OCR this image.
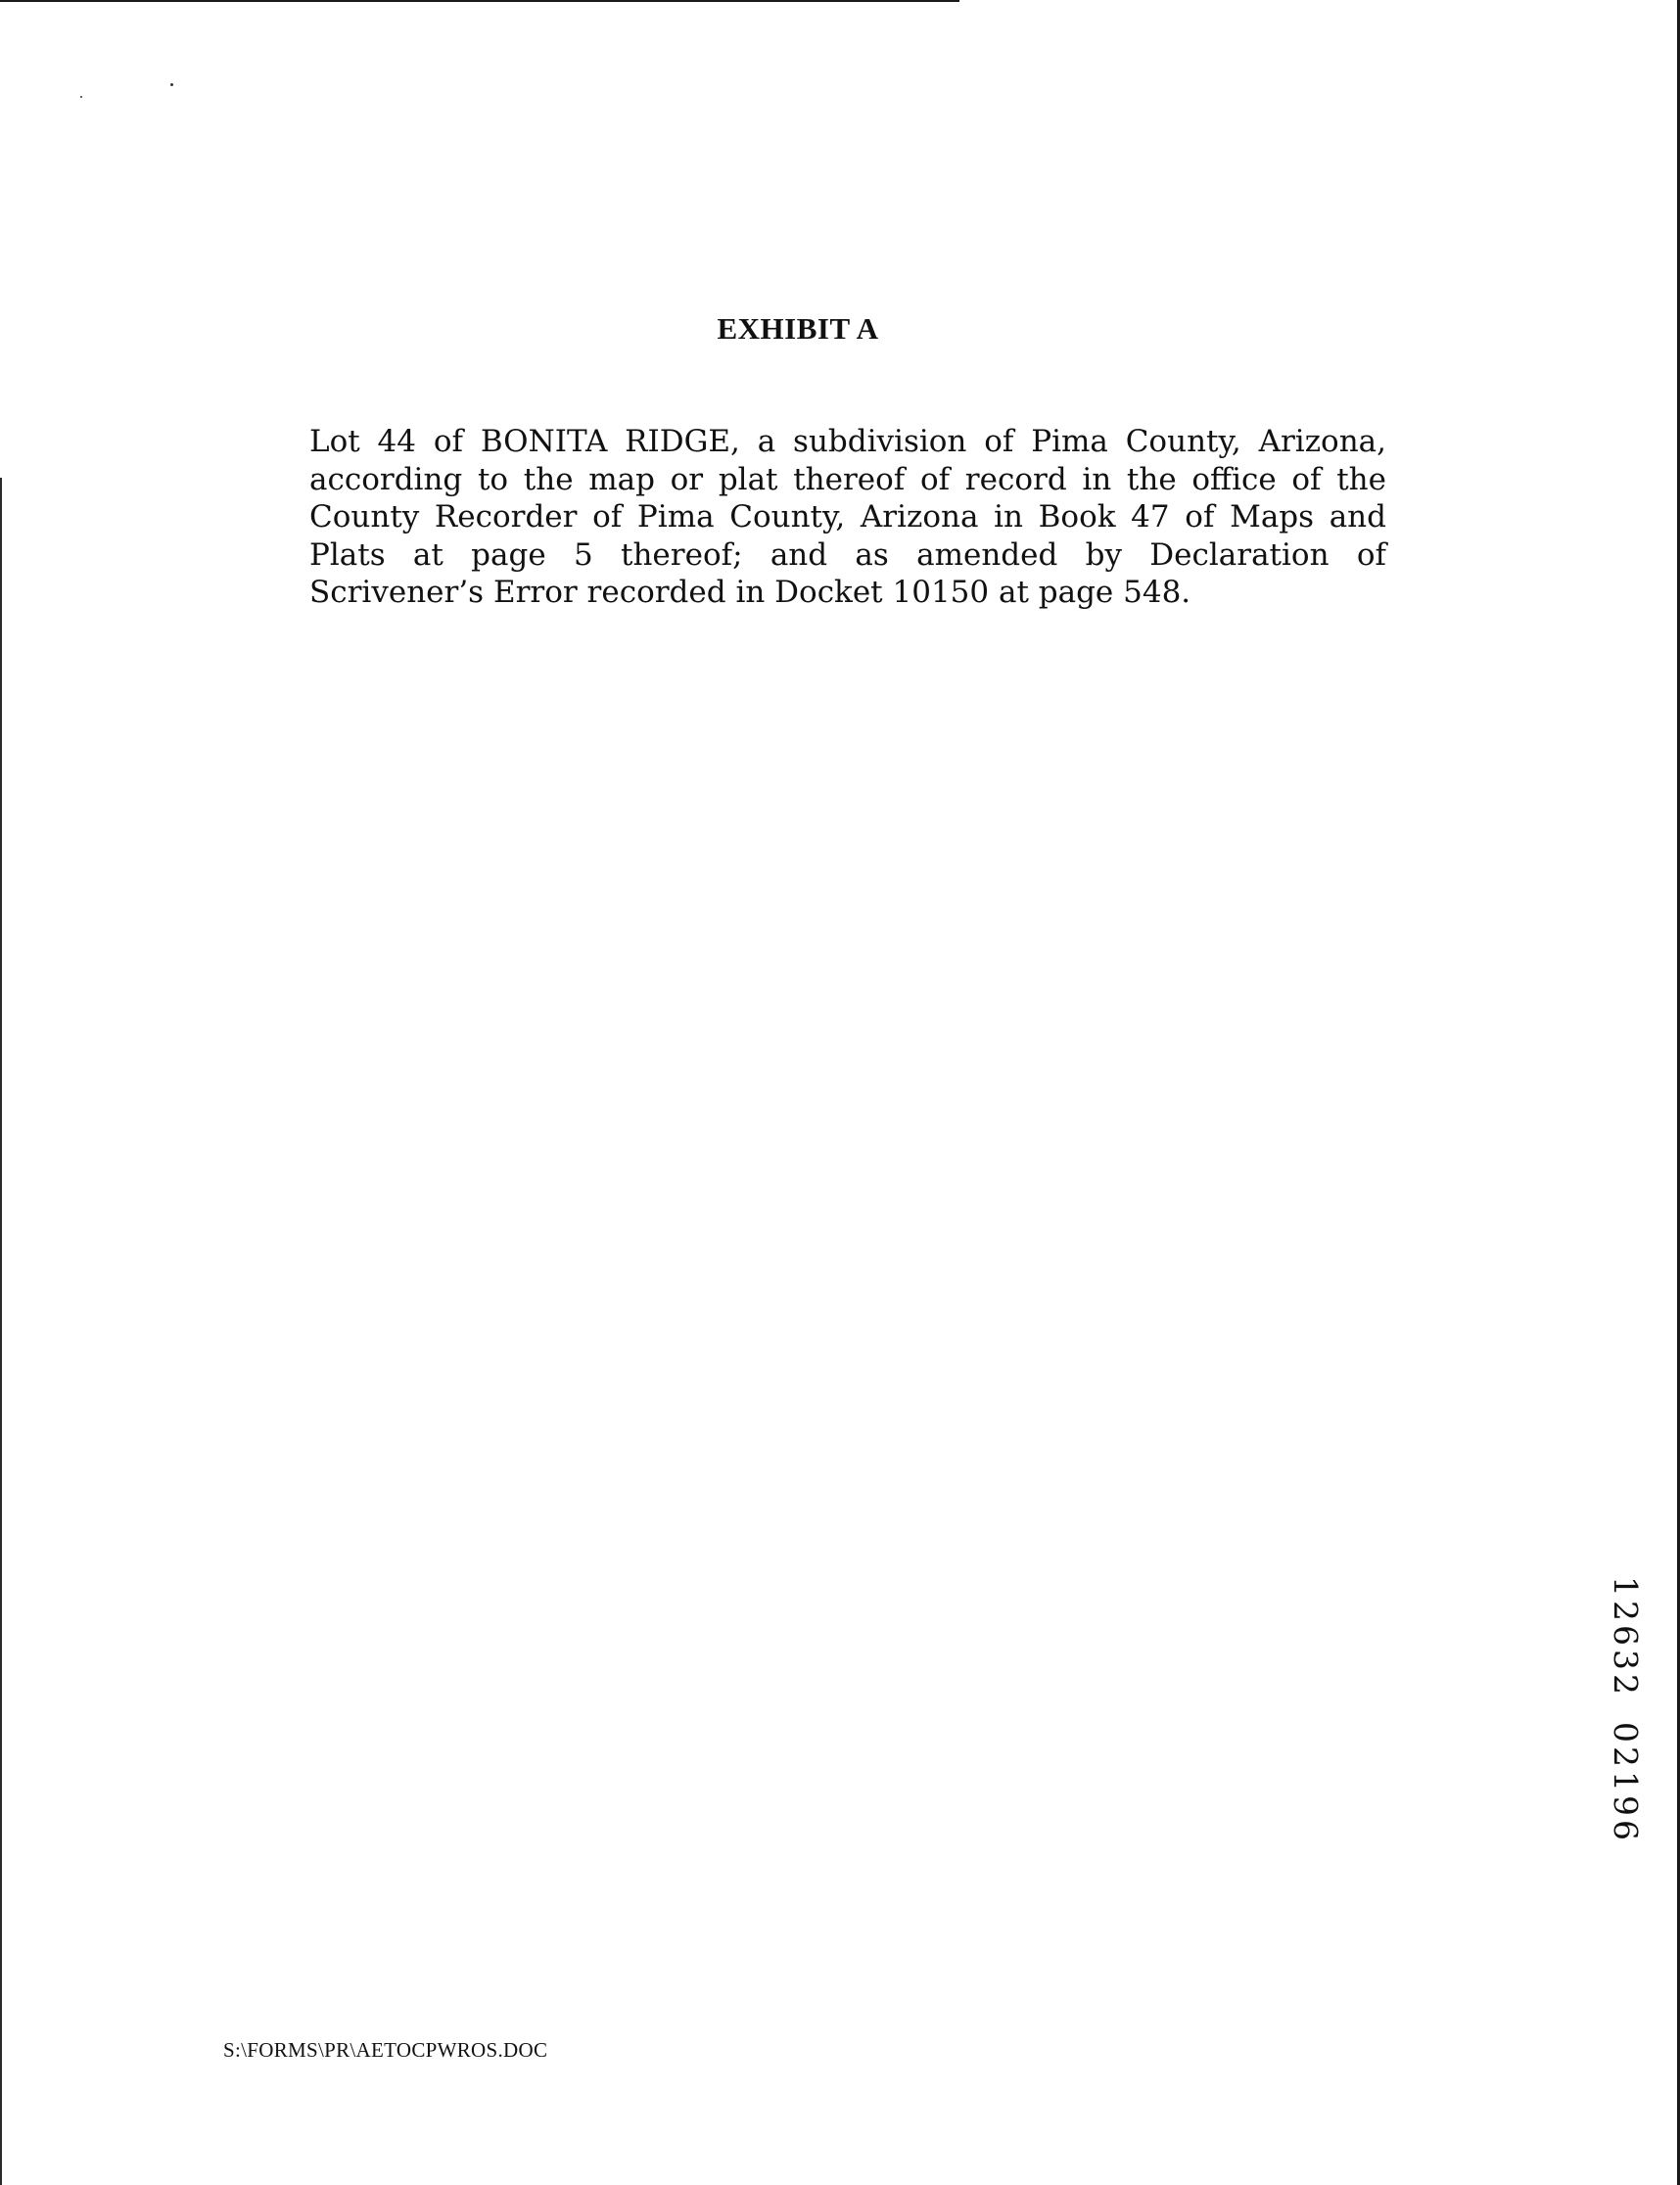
EXHIBIT A

Lot 44 of BONITA RIDGE, a subdivision of Pima County, Arizona, according to the map or plat thereof of record in the office of the County Recorder of Pima County, Arizona in Book 47 of Maps and Plats at page 5 thereof; and as amended by Declaration of Scrivener’s Error recorded in Docket 10150 at page 548.

1
2
6
3
2
0
2
1
9
6
S:\FORMS\PR\AETOCPWROS.DOC
